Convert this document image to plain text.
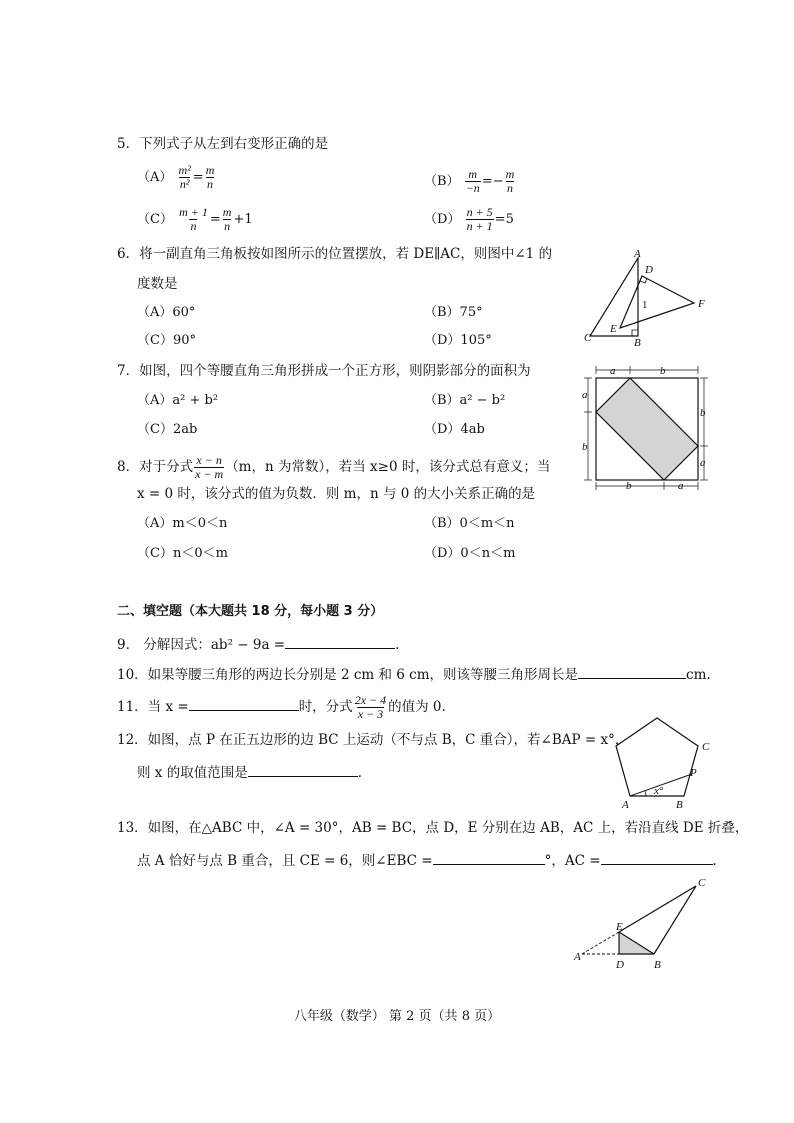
5．下列式子从左到右变形正确的是
$(A) \frac{\text{m²}}{\text{n²}} = \frac{m}{n}$	$(B) \frac{m}{-n} =- \frac{m}{n}$
$(C) \frac{m + 1}{n} = \frac{m}{n} +1$	$(D) \frac{n + 5}{n + 1} =5$
6．将一副直角三角板按如图所示的位置摆放，若 DE∥AC，则图中∠1 的
度数是
（A）60°	（B）75°
（C）90°	（D）105°
A
D
F
1
E
C	B
7．如图，四个等腰直角三角形拼成一个正方形，则阴影部分的面积为
（A）a² + b²	（B）a² − b²
（C）2ab	（D）4ab
a	b
b	a
a
b
b
a
8．对于分式 $\frac{x - n}{x - m} (m$，n 为常数），若当 x≥0 时，该分式总有意义；当
x = 0 时，该分式的值为负数．则 m，n 与 0 的大小关系正确的是
（A）m＜0＜n	（B）0＜m＜n
（C）n＜0＜m	（D）0＜n＜m
二、填空题（本大题共 18 分，每小题 3 分）
9.　分解因式：ab² − 9a =	.
10．如果等腰三角形的两边长分别是 2 cm 和 6 cm，则该等腰三角形周长是	cm.
11．当 x =	时，分式 $\frac{2x - 4}{x - 3}$ 的值为 0.
12．如图，点 P 在正五边形的边 BC 上运动（不与点 B，C 重合），若∠BAP = x°，
则 x 的取值范围是	.
C
P
A	B
x°
13．如图，在△ABC 中，∠A = 30°，AB = BC，点 D，E 分别在边 AB，AC 上，若沿直线 DE 折叠，
点 A 恰好与点 B 重合，且 CE = 6，则∠EBC =	°，AC =	.
C
E
A
D	B
八年级（数学） 第 2 页（共 8 页）
